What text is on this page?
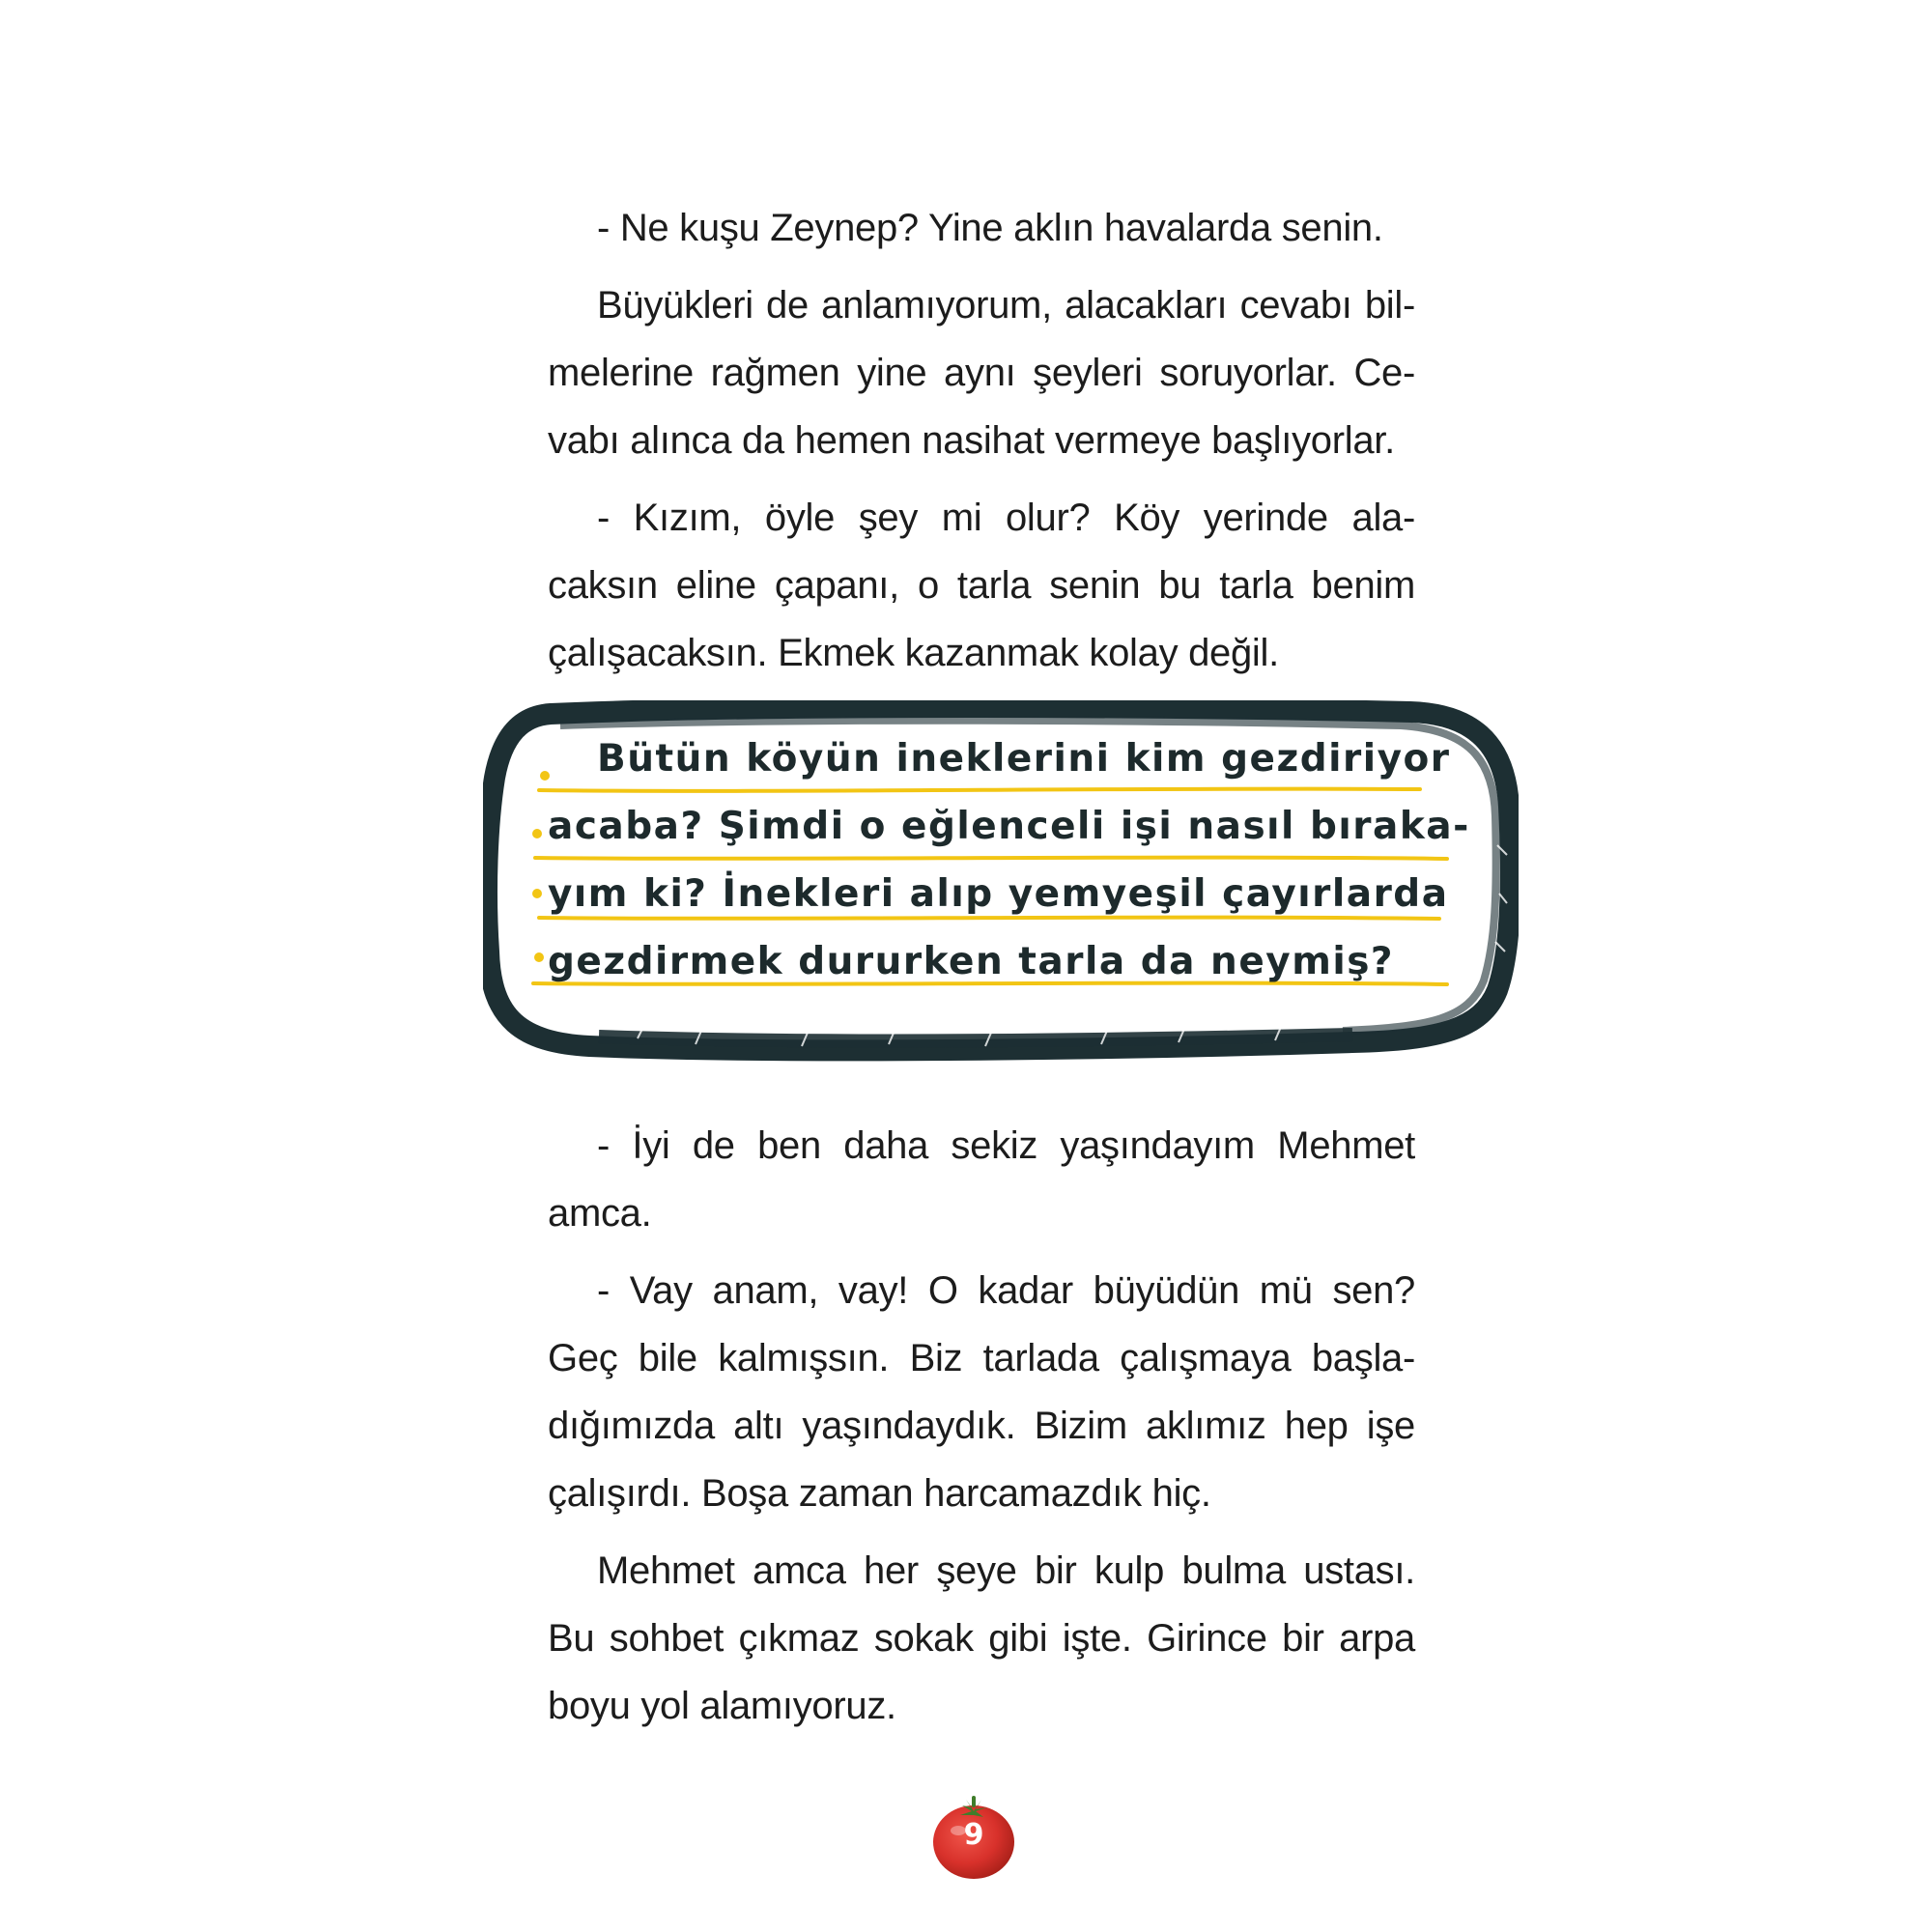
- Ne kuşu Zeynep? Yine aklın havalarda senin.
Büyükleri de anlamıyorum, alacakları cevabı bil-
melerine rağmen yine aynı şeyleri soruyorlar. Ce-
vabı alınca da hemen nasihat vermeye başlıyorlar.
- Kızım, öyle şey mi olur? Köy yerinde ala-
caksın eline çapanı, o tarla senin bu tarla benim
çalışacaksın. Ekmek kazanmak kolay değil.
Bütün köyün ineklerini kim gezdiriyor
acaba? Şimdi o eğlenceli işi nasıl bıraka-
yım ki? İnekleri alıp yemyeşil çayırlarda
gezdirmek dururken tarla da neymiş?
- İyi de ben daha sekiz yaşındayım Mehmet
amca.
- Vay anam, vay! O kadar büyüdün mü sen?
Geç bile kalmışsın. Biz tarlada çalışmaya başla-
dığımızda altı yaşındaydık. Bizim aklımız hep işe
çalışırdı. Boşa zaman harcamazdık hiç.
Mehmet amca her şeye bir kulp bulma ustası.
Bu sohbet çıkmaz sokak gibi işte. Girince bir arpa
boyu yol alamıyoruz.
9
